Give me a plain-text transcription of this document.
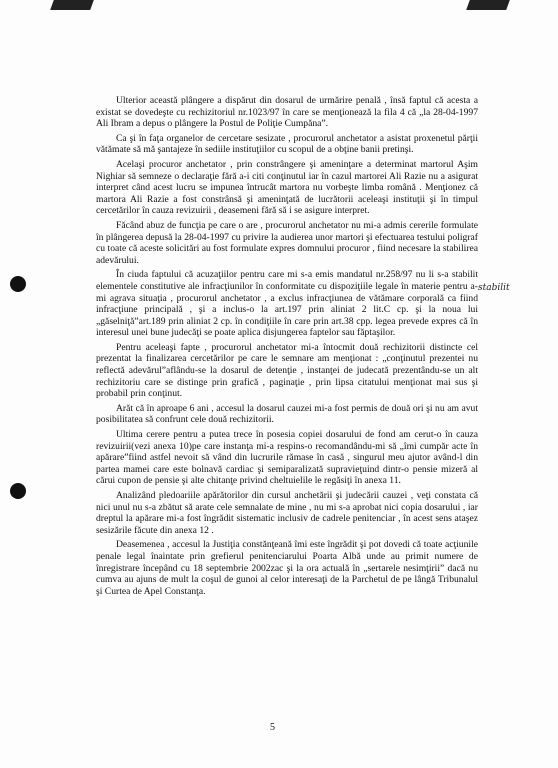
Ulterior această plângere a dispărut din dosarul de urmărire penală , însă faptul că acesta a existat se dovedeşte cu rechizitoriul nr.1023/97 în care se menţionează la fila 4 că „la 28-04-1997 Ali Ibram a depus o plângere la Postul de Poliţie Cumpăna”.

Ca şi în faţa organelor de cercetare sesizate , procurorul anchetator a asistat proxenetul părţii vătămate să mă şantajeze în sediile instituţiilor cu scopul de a obţine banii pretinşi.

Acelaşi procuror anchetator , prin constrângere şi ameninţare a determinat martorul Aşim Nighiar să semneze o declaraţie fără a-i citi conţinutul iar în cazul martorei Ali Razie nu a asigurat interpret când acest lucru se impunea întrucât martora nu vorbeşte limba română . Menţionez că martora Ali Razie a fost constrânsă şi ameninţată de lucrătorii aceleaşi instituţii şi în timpul cercetărilor în cauza revizuirii , deasemeni fără să i se asigure interpret.

Făcând abuz de funcţia pe care o are , procurorul anchetator nu mi-a admis cererile formulate în plângerea depusă la 28-04-1997 cu privire la audierea unor martori şi efectuarea testului poligraf cu toate că aceste solicitări au fost formulate expres domnului procuror , fiind necesare la stabilirea adevărului.

În ciuda faptului că acuzaţiilor pentru care mi s-a emis mandatul nr.258/97 nu li s-a stabilit elementele constitutive ale infracţiunilor în conformitate cu dispoziţiile legale în materie pentru a-mi agrava situaţia , procurorul anchetator , a exclus infracţiunea de vătămare corporală ca fiind infracţiune principală , şi a inclus-o la art.197 prin aliniat 2 lit.C cp. şi la noua lui „găselniţă”art.189 prin aliniat 2 cp. în condiţiile în care prin art.38 cpp. legea prevede expres că în interesul unei bune judecăţi se poate aplica disjungerea faptelor sau făptaşilor.

Pentru aceleaşi fapte , procurorul anchetator mi-a întocmit două rechizitorii distincte cel prezentat la finalizarea cercetărilor pe care le semnare am menţionat : „conţinutul prezentei nu reflectă adevărul”aflându-se la dosarul de detenţie , instanţei de judecată prezentându-se un alt rechizitoriu care se distinge prin grafică , paginaţie , prin lipsa citatului menţionat mai sus şi probabil prin conţinut.

Arăt că în aproape 6 ani , accesul la dosarul cauzei mi-a fost permis de două ori şi nu am avut posibilitatea să confrunt cele două rechizitorii.

Ultima cerere pentru a putea trece în posesia copiei dosarului de fond am cerut-o în cauza revizuirii(vezi anexa 10)pe care instanţa mi-a respins-o recomandându-mi să „îmi cumpăr acte în apărare”fiind astfel nevoit să vând din lucrurile rămase în casă , singurul meu ajutor având-l din partea mamei care este bolnavă cardiac şi semiparalizată supravieţuind dintr-o pensie mizeră al cărui cupon de pensie şi alte chitanţe privind cheltuielile le regăsiţi în anexa 11.

Analizând pledoariile apărătorilor din cursul anchetării şi judecării cauzei , veţi constata că nici unul nu s-a zbătut să arate cele semnalate de mine , nu mi s-a aprobat nici copia dosarului , iar dreptul la apărare mi-a fost îngrădit sistematic inclusiv de cadrele penitenciar , în acest sens ataşez sesizările făcute din anexa 12 .

Deasemenea , accesul la Justiţia constănţeană îmi este îngrădit şi pot dovedi că toate acţiunile penale legal înaintate prin grefierul penitenciarului Poarta Albă unde au primit numere de înregistrare începând cu 18 septembrie 2002zac şi la ora actuală în „sertarele nesimţirii” dacă nu cumva au ajuns de mult la coşul de gunoi al celor interesaţi de la Parchetul de pe lângă Tribunalul şi Curtea de Apel Constanţa.

stabilit
5
